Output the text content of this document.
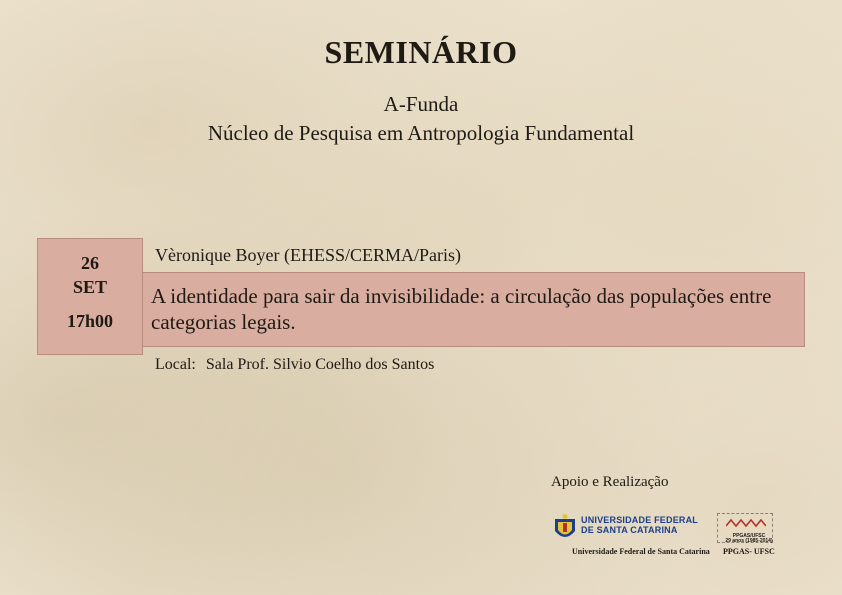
SEMINÁRIO
A-Funda
Núcleo de Pesquisa em Antropologia Fundamental
26
SET
17h00
Vèronique Boyer (EHESS/CERMA/Paris)
A identidade para sair da invisibilidade: a circulação das populações entre categorias legais.
Local: Sala Prof. Silvio Coelho dos Santos
Apoio e Realização
UNIVERSIDADE FEDERAL
DE SANTA CATARINA
Universidade Federal de Santa Catarina
PPGAS/UFSC
29 anos (1985-2014)
PPGAS- UFSC
